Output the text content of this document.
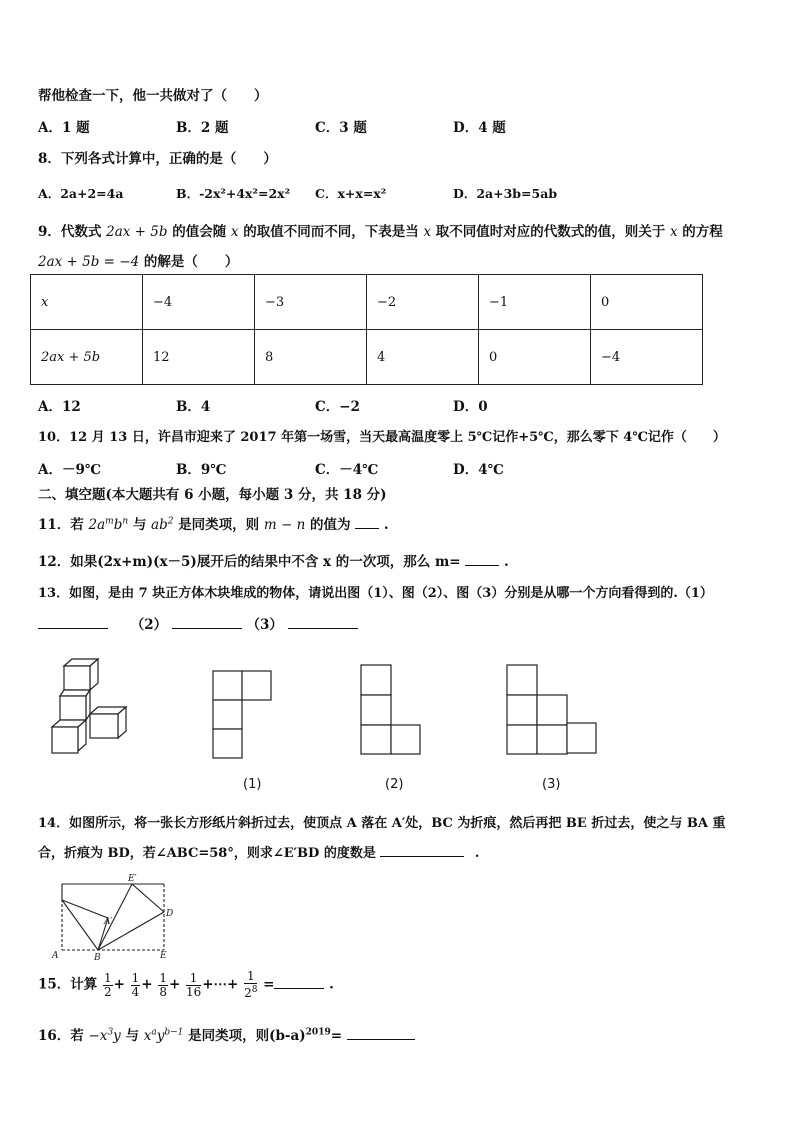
帮他检查一下，他一共做对了（　　）
A．1 题	B．2 题	C．3 题	D．4 题
8．下列各式计算中，正确的是（　　）
A．2a+2=4a	B．-2x²+4x²=2x² C．x+x=x²	D．2a+3b=5ab
9．代数式 2ax + 5b 的值会随 x 的取值不同而不同，下表是当 x 取不同值时对应的代数式的值，则关于 x 的方程
2ax + 5b = −4 的解是（　　）
x	−4	−3	−2	−1	0
2ax + 5b	12	8	4	0	−4
A．12	B．4	C．−2	D．0
10．12 月 13 日，许昌市迎来了 2017 年第一场雪，当天最高温度零上 5℃记作+5℃，那么零下 4℃记作（　　）
A．－9℃	B．9℃	C．－4℃	D．4℃
二、填空题(本大题共有 6 小题，每小题 3 分，共 18 分)
11．若 $2a^mb^n$ 与 $ab^2$ 是同类项，则 m − n 的值为 .
12．如果(2x+m)(x－5)展开后的结果中不含 x 的一次项，那么 m=	.
13．如图，是由 7 块正方体木块堆成的物体，请说出图（1）、图（2）、图（3）分别是从哪一个方向看得到的.（1）
（2）	（3）
(1)	(2)	(3)
14．如图所示，将一张长方形纸片斜折过去，使顶点 A 落在 A′处，BC 为折痕，然后再把 BE 折过去，使之与 BA 重
合，折痕为 BD，若∠ABC=58°，则求∠E′BD 的度数是	.
A	B	E
A′
E′
D
15．计算 $\frac{1}{2} + \frac{1}{4} + \frac{1}{8} + \frac{1}{16}$ +⋯+ $\frac{1}{2^8}$ =	.
16．若 $-x^3y$ 与 $x^ay^{b-1}$ 是同类项，则$(b-a)^{2019}=$
